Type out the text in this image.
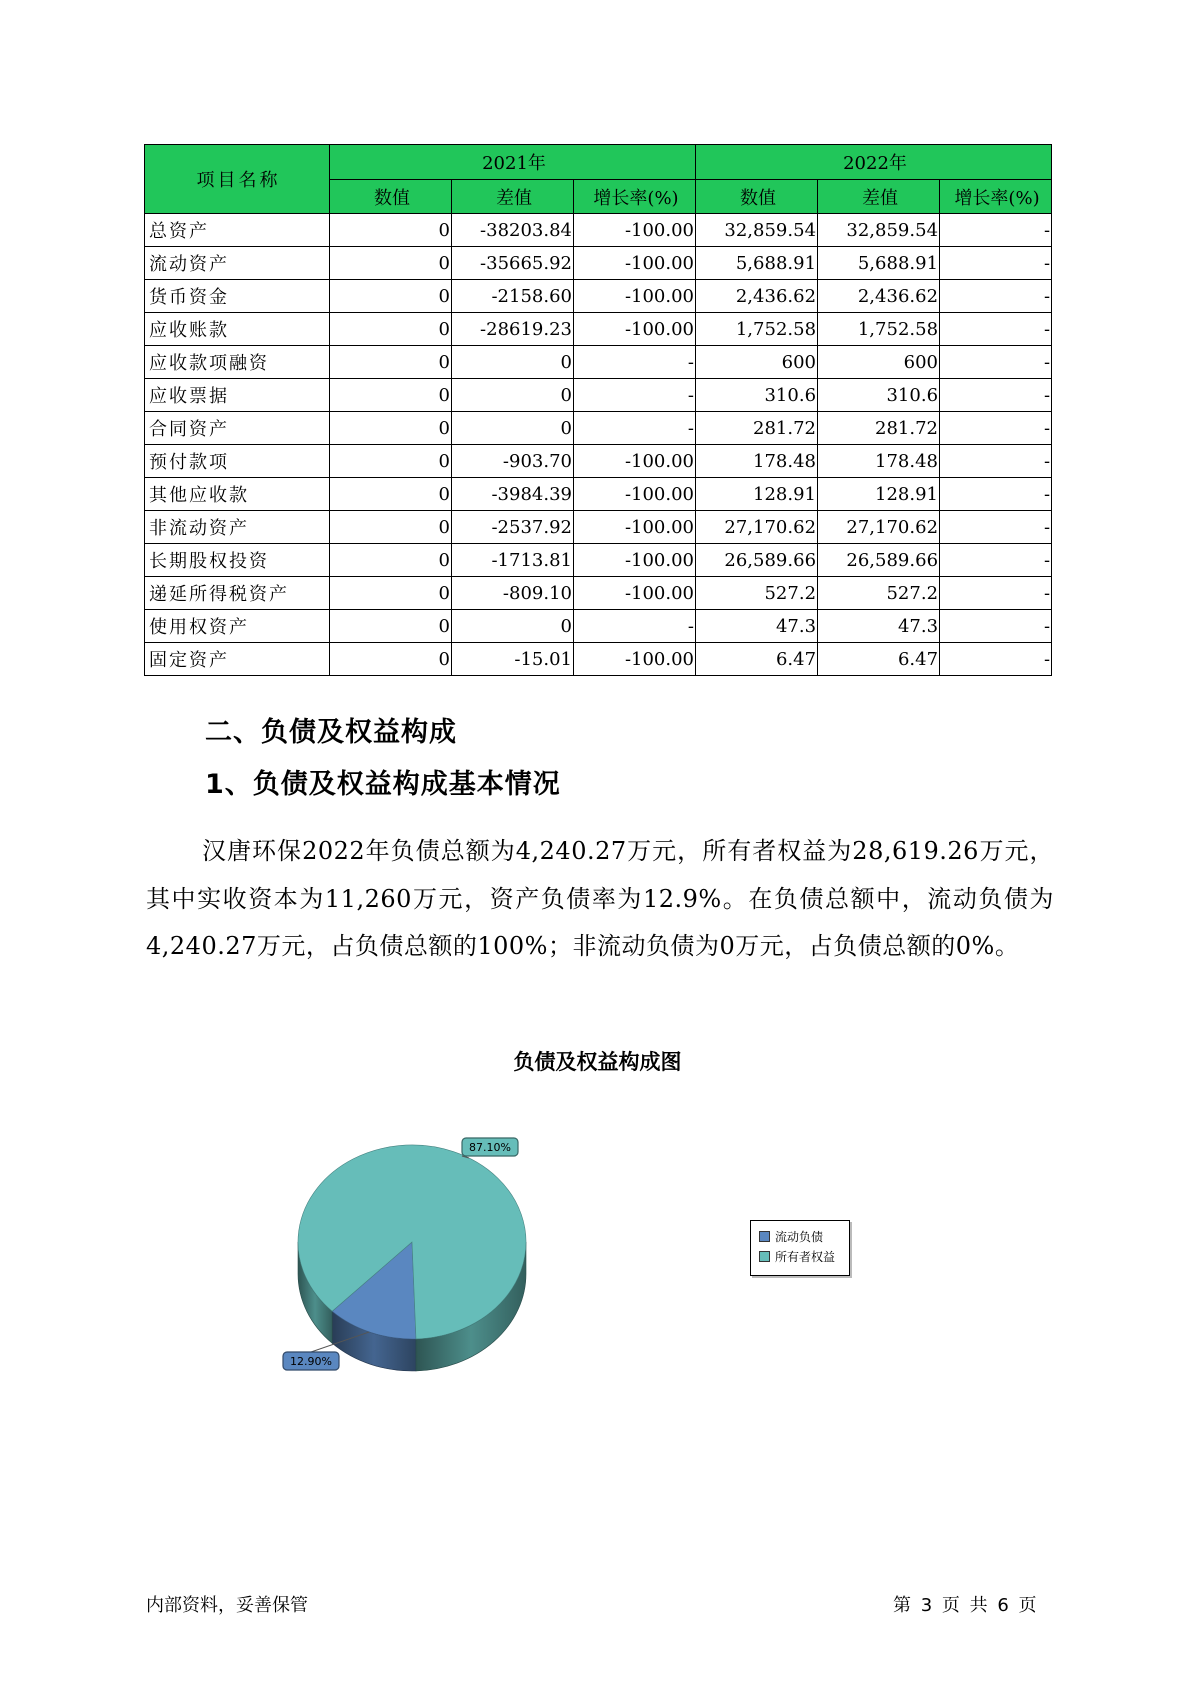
项目名称	2021年			2022年		
	数值	差值	增长率(%)	数值	差值	增长率(%)
总资产	0	-38203.84	-100.00	32,859.54	32,859.54	-
流动资产	0	-35665.92	-100.00	5,688.91	5,688.91	-
货币资金	0	-2158.60	-100.00	2,436.62	2,436.62	-
应收账款	0	-28619.23	-100.00	1,752.58	1,752.58	-
应收款项融资	0	0	-	600	600	-
应收票据	0	0	-	310.6	310.6	-
合同资产	0	0	-	281.72	281.72	-
预付款项	0	-903.70	-100.00	178.48	178.48	-
其他应收款	0	-3984.39	-100.00	128.91	128.91	-
非流动资产	0	-2537.92	-100.00	27,170.62	27,170.62	-
长期股权投资	0	-1713.81	-100.00	26,589.66	26,589.66	-
递延所得税资产	0	-809.10	-100.00	527.2	527.2	-
使用权资产	0	0	-	47.3	47.3	-
固定资产	0	-15.01	-100.00	6.47	6.47	-
二、负债及权益构成
1、负债及权益构成基本情况

汉唐环保2022年负债总额为4,240.27万元，所有者权益为28,619.26万元，其中实收资本为11,260万元，资产负债率为12.9%。在负债总额中，流动负债为4,240.27万元，占负债总额的100%；非流动负债为0万元，占负债总额的0%。

负债及权益构成图
87.10%
12.90%
流动负债
所有者权益
内部资料，妥善保管	第 3 页 共 6 页
